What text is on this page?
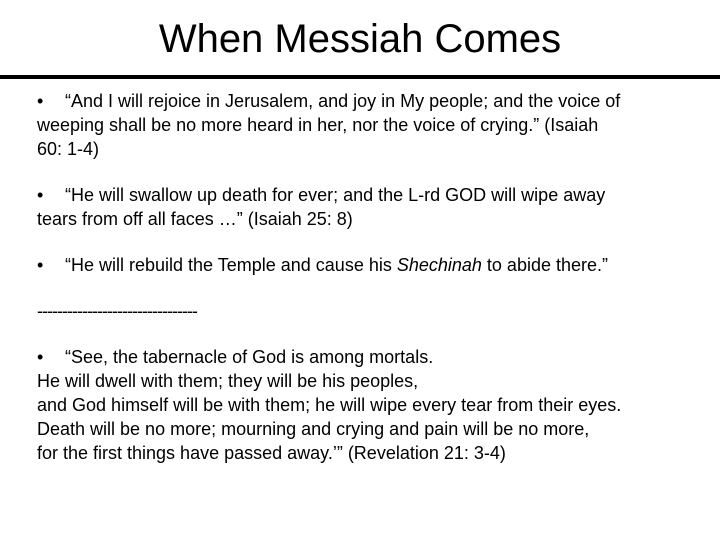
When Messiah Comes

• “And I will rejoice in Jerusalem, and joy in My people; and the voice of
weeping shall be no more heard in her, nor the voice of crying.” (Isaiah
60: 1-4)

• “He will swallow up death for ever; and the L-rd GOD will wipe away
tears from off all faces …” (Isaiah 25: 8)

• “He will rebuild the Temple and cause his Shechinah to abide there.”

--------------------------------

• “See, the tabernacle of God is among mortals.
He will dwell with them; they will be his peoples,
and God himself will be with them; he will wipe every tear from their eyes.
Death will be no more; mourning and crying and pain will be no more,
for the first things have passed away.’” (Revelation 21: 3-4)
